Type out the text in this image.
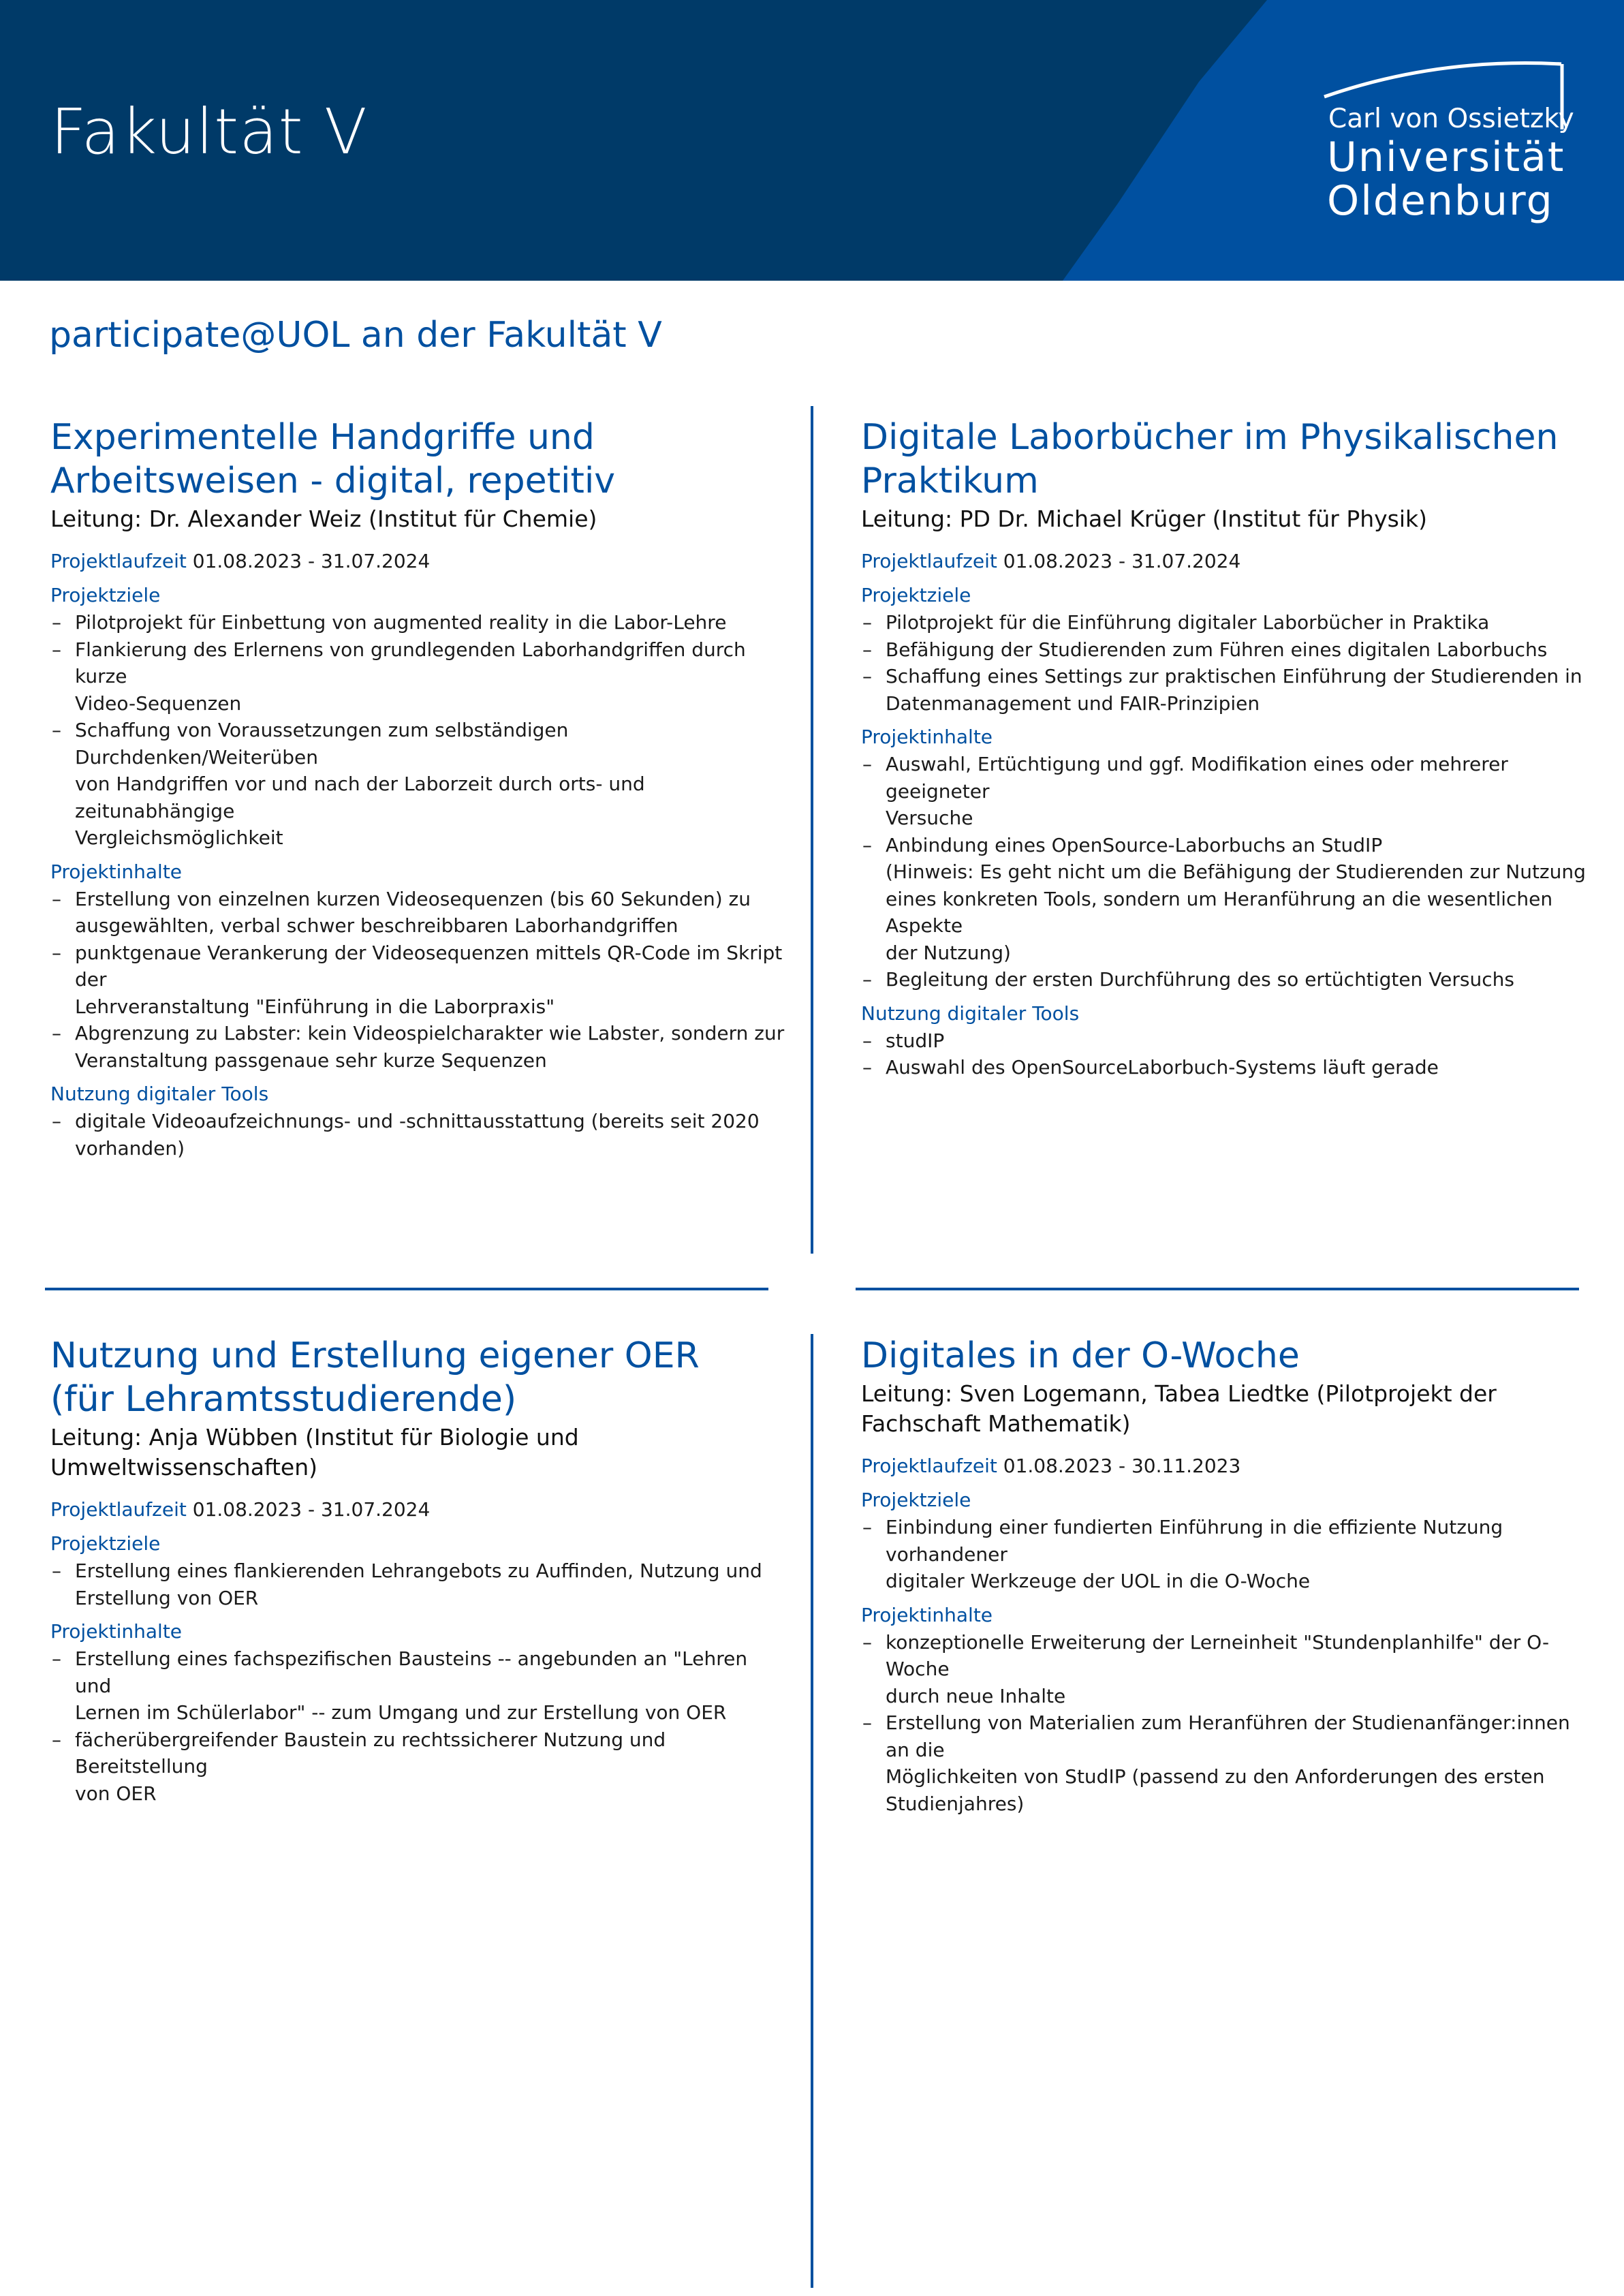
Fakultät V	Carl von Ossietzky
Universität
Oldenburg
participate@UOL an der Fakultät V
Experimentelle Handgriffe und
Arbeitsweisen - digital, repetitiv
Leitung: Dr. Alexander Weiz (Institut für Chemie)
Projektlaufzeit 01.08.2023 - 31.07.2024
Projektziele
– Pilotprojekt für Einbettung von augmented reality in die Labor-Lehre
– Flankierung des Erlernens von grundlegenden Laborhandgriffen durch kurze
Video-Sequenzen
– Schaffung von Voraussetzungen zum selbständigen Durchdenken/Weiterüben
von Handgriffen vor und nach der Laborzeit durch orts- und zeitunabhängige
Vergleichsmöglichkeit
Projektinhalte
– Erstellung von einzelnen kurzen Videosequenzen (bis 60 Sekunden) zu
ausgewählten, verbal schwer beschreibbaren Laborhandgriffen
– punktgenaue Verankerung der Videosequenzen mittels QR-Code im Skript der
Lehrveranstaltung "Einführung in die Laborpraxis"
– Abgrenzung zu Labster: kein Videospielcharakter wie Labster, sondern zur
Veranstaltung passgenaue sehr kurze Sequenzen
Nutzung digitaler Tools
– digitale Videoaufzeichnungs- und -schnittausstattung (bereits seit 2020
vorhanden)
Digitale Laborbücher im Physikalischen
Praktikum
Leitung: PD Dr. Michael Krüger (Institut für Physik)
Projektlaufzeit 01.08.2023 - 31.07.2024
Projektziele
– Pilotprojekt für die Einführung digitaler Laborbücher in Praktika
– Befähigung der Studierenden zum Führen eines digitalen Laborbuchs
– Schaffung eines Settings zur praktischen Einführung der Studierenden in
Datenmanagement und FAIR-Prinzipien
Projektinhalte
– Auswahl, Ertüchtigung und ggf. Modifikation eines oder mehrerer geeigneter
Versuche
– Anbindung eines OpenSource-Laborbuchs an StudIP
(Hinweis: Es geht nicht um die Befähigung der Studierenden zur Nutzung
eines konkreten Tools, sondern um Heranführung an die wesentlichen Aspekte
der Nutzung)
– Begleitung der ersten Durchführung des so ertüchtigten Versuchs
Nutzung digitaler Tools
– studIP
– Auswahl des OpenSourceLaborbuch-Systems läuft gerade
Nutzung und Erstellung eigener OER
(für Lehramtsstudierende)
Leitung: Anja Wübben (Institut für Biologie und
Umweltwissenschaften)
Projektlaufzeit 01.08.2023 - 31.07.2024
Projektziele
– Erstellung eines flankierenden Lehrangebots zu Auffinden, Nutzung und
Erstellung von OER
Projektinhalte
– Erstellung eines fachspezifischen Bausteins -- angebunden an "Lehren und
Lernen im Schülerlabor" -- zum Umgang und zur Erstellung von OER
– fächerübergreifender Baustein zu rechtssicherer Nutzung und Bereitstellung
von OER
Digitales in der O-Woche
Leitung: Sven Logemann, Tabea Liedtke (Pilotprojekt der
Fachschaft Mathematik)
Projektlaufzeit 01.08.2023 - 30.11.2023
Projektziele
– Einbindung einer fundierten Einführung in die effiziente Nutzung vorhandener
digitaler Werkzeuge der UOL in die O-Woche
Projektinhalte
– konzeptionelle Erweiterung der Lerneinheit "Stundenplanhilfe" der O-Woche
durch neue Inhalte
– Erstellung von Materialien zum Heranführen der Studienanfänger:innen an die
Möglichkeiten von StudIP (passend zu den Anforderungen des ersten
Studienjahres)
